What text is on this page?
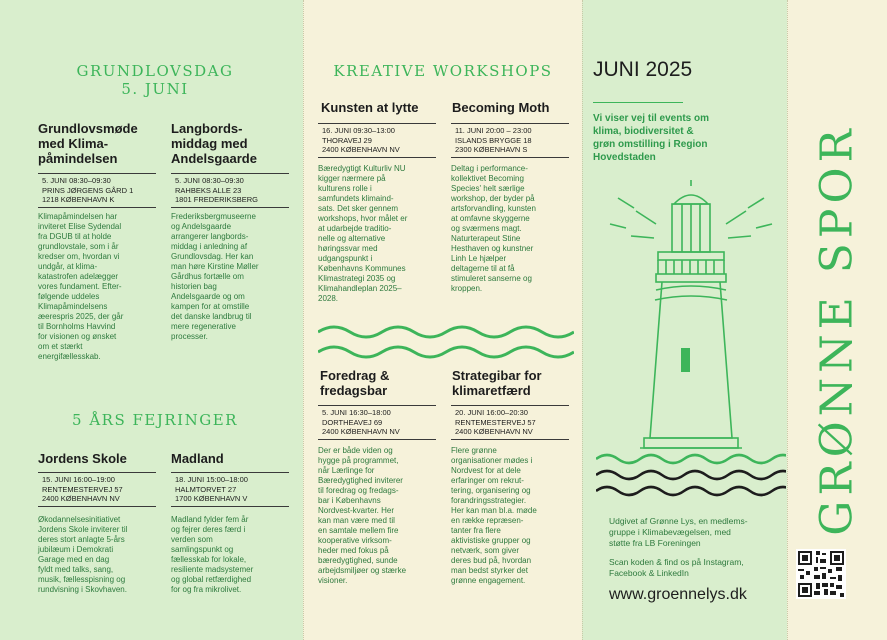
GRUNDLOVSDAG
5. JUNI
Grundlovsmøde
med Klima-
påmindelsen
5. JUNI 08:30–09:30
PRINS JØRGENS GÅRD 1
1218 KØBENHAVN K
Klimapåmindelsen har
inviteret Elise Sydendal
fra DGUB til at holde
grundlovstale, som i år
kredser om, hvordan vi
undgår, at klima-
katastrofen adelægger
vores fundament. Efter-
følgende uddeles
Klimapåmindelsens
æerespris 2025, der går
til Bornholms Havvind
for visionen og ønsket
om et stærkt
energifællesskab.
Langbords-
middag med
Andelsgaarde
5. JUNI 08:30–09:30
RAHBEKS ALLE 23
1801 FREDERIKSBERG
Frederiksbergmuseerne
og Andelsgaarde
arrangerer langbords-
middag i anledning af
Grundlovsdag. Her kan
man høre Kirstine Møller
Gårdhus fortælle om
historien bag
Andelsgaarde og om
kampen for at omstille
det danske landbrug til
mere regenerative
processer.
5 ÅRS FEJRINGER
Jordens Skole
15. JUNI 16:00–19:00
RENTEMESTERVEJ 57
2400 KØBENHAVN NV
Økodannelsesinitiativet
Jordens Skole inviterer til
deres stort anlagte 5-års
jubilæum i Demokrati
Garage med en dag
fyldt med talks, sang,
musik, fællesspisning og
rundvisning i Skovhaven.
Madland
18. JUNI 15:00–18:00
HALMTORVET 27
1700 KØBENHAVN V
Madland fylder fem år
og fejrer deres færd i
verden som
samlingspunkt og
fællesskab for lokale,
resiliente madsystemer
og global retfærdighed
for og fra mikrolivet.
KREATIVE WORKSHOPS
Kunsten at lytte
16. JUNI 09:30–13:00
THORAVEJ 29
2400 KØBENHAVN NV
Bæredygtigt Kulturliv NU
kigger nærmere på
kulturens rolle i
samfundets klimaind-
sats. Det sker gennem
workshops, hvor målet er
at udarbejde traditio-
nelle og alternative
høringssvar med
udgangspunkt i
Københavns Kommunes
Klimastrategi 2035 og
Klimahandleplan 2025–
2028.
Becoming Moth
11. JUNI 20:00 – 23:00
ISLANDS BRYGGE 18
2300 KØBENHAVN S
Deltag i performance-
kollektivet Becoming
Species' helt særlige
workshop, der byder på
artsforvandling, kunsten
at omfavne skyggerne
og sværmens magt.
Naturterapeut Stine
Hesthaven og kunstner
Linh Le hjælper
deltagerne til at få
stimuleret sanserne og
kroppen.
Foredrag &
fredagsbar
5. JUNI 16:30–18:00
DORTHEAVEJ 69
2400 KØBENHAVN NV
Der er både viden og
hygge på programmet,
når Lærlinge for
Bæredygtighed inviterer
til foredrag og fredags-
bar i Københavns
Nordvest-kvarter. Her
kan man være med til
en samtale mellem fire
kooperative virksom-
heder med fokus på
bæredygtighed, sunde
arbejdsmiljøer og stærke
visioner.
Strategibar for
klimaretfærd
20. JUNI 16:00–20:30
RENTEMESTERVEJ 57
2400 KØBENHAVN NV
Flere grønne
organisationer mødes i
Nordvest for at dele
erfaringer om rekrut-
tering, organisering og
forandringsstrategier.
Her kan man bl.a. møde
en række repræsen-
tanter fra flere
aktivistiske grupper og
netværk, som giver
deres bud på, hvordan
man bedst styrker det
grønne engagement.
JUNI 2025
Vi viser vej til events om
klima, biodiversitet &
grøn omstilling i Region
Hovedstaden
Udgivet af Grønne Lys, en medlems-
gruppe i Klimabevægelsen, med
støtte fra LB Foreningen
Scan koden & find os på Instagram,
Facebook & LinkedIn
www.groennelys.dk
GRØNNE SPOR
